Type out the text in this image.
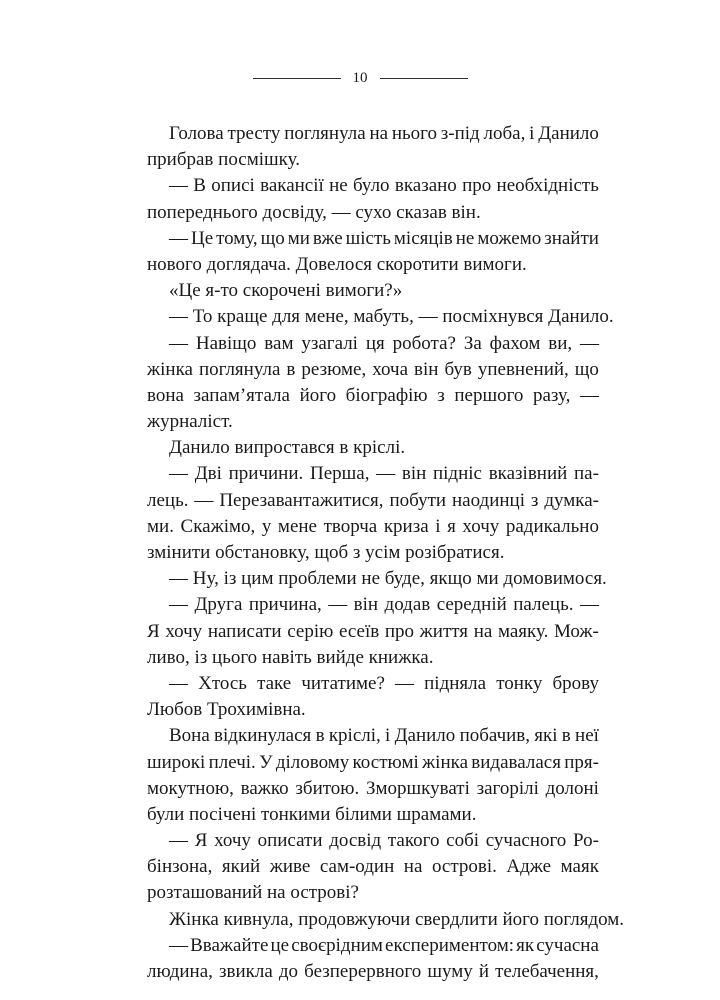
10
Голова тресту поглянула на нього з-під лоба, і Данило
прибрав посмішку.
— В описі вакансії не було вказано про необхідність
попереднього досвіду, — сухо сказав він.
— Це тому, що ми вже шість місяців не можемо знайти
нового доглядача. Довелося скоротити вимоги.
«Це я-то скорочені вимоги?»
— То краще для мене, мабуть, — посміхнувся Данило.
— Навіщо вам узагалі ця робота? За фахом ви, —
жінка поглянула в резюме, хоча він був упевнений, що
вона запам’ятала його біографію з першого разу, —
журналіст.
Данило випростався в кріслі.
— Дві причини. Перша, — він підніс вказівний па-
лець. — Перезавантажитися, побути наодинці з думка-
ми. Скажімо, у мене творча криза і я хочу радикально
змінити обстановку, щоб з усім розібратися.
— Ну, із цим проблеми не буде, якщо ми домовимося.
— Друга причина, — він додав середній палець. —
Я хочу написати серію есеїв про життя на маяку. Мож-
ливо, із цього навіть вийде книжка.
— Хтось таке читатиме? — підняла тонку брову
Любов Трохимівна.
Вона відкинулася в кріслі, і Данило побачив, які в неї
широкі плечі. У діловому костюмі жінка видавалася пря-
мокутною, важко збитою. Зморшкуваті загорілі долоні
були посічені тонкими білими шрамами.
— Я хочу описати досвід такого собі сучасного Ро-
бінзона, який живе сам-один на острові. Адже маяк
розташований на острові?
Жінка кивнула, продовжуючи свердлити його поглядом.
— Вважайте це своєрідним експериментом: як сучасна
людина, звикла до безперервного шуму й телебачення,
